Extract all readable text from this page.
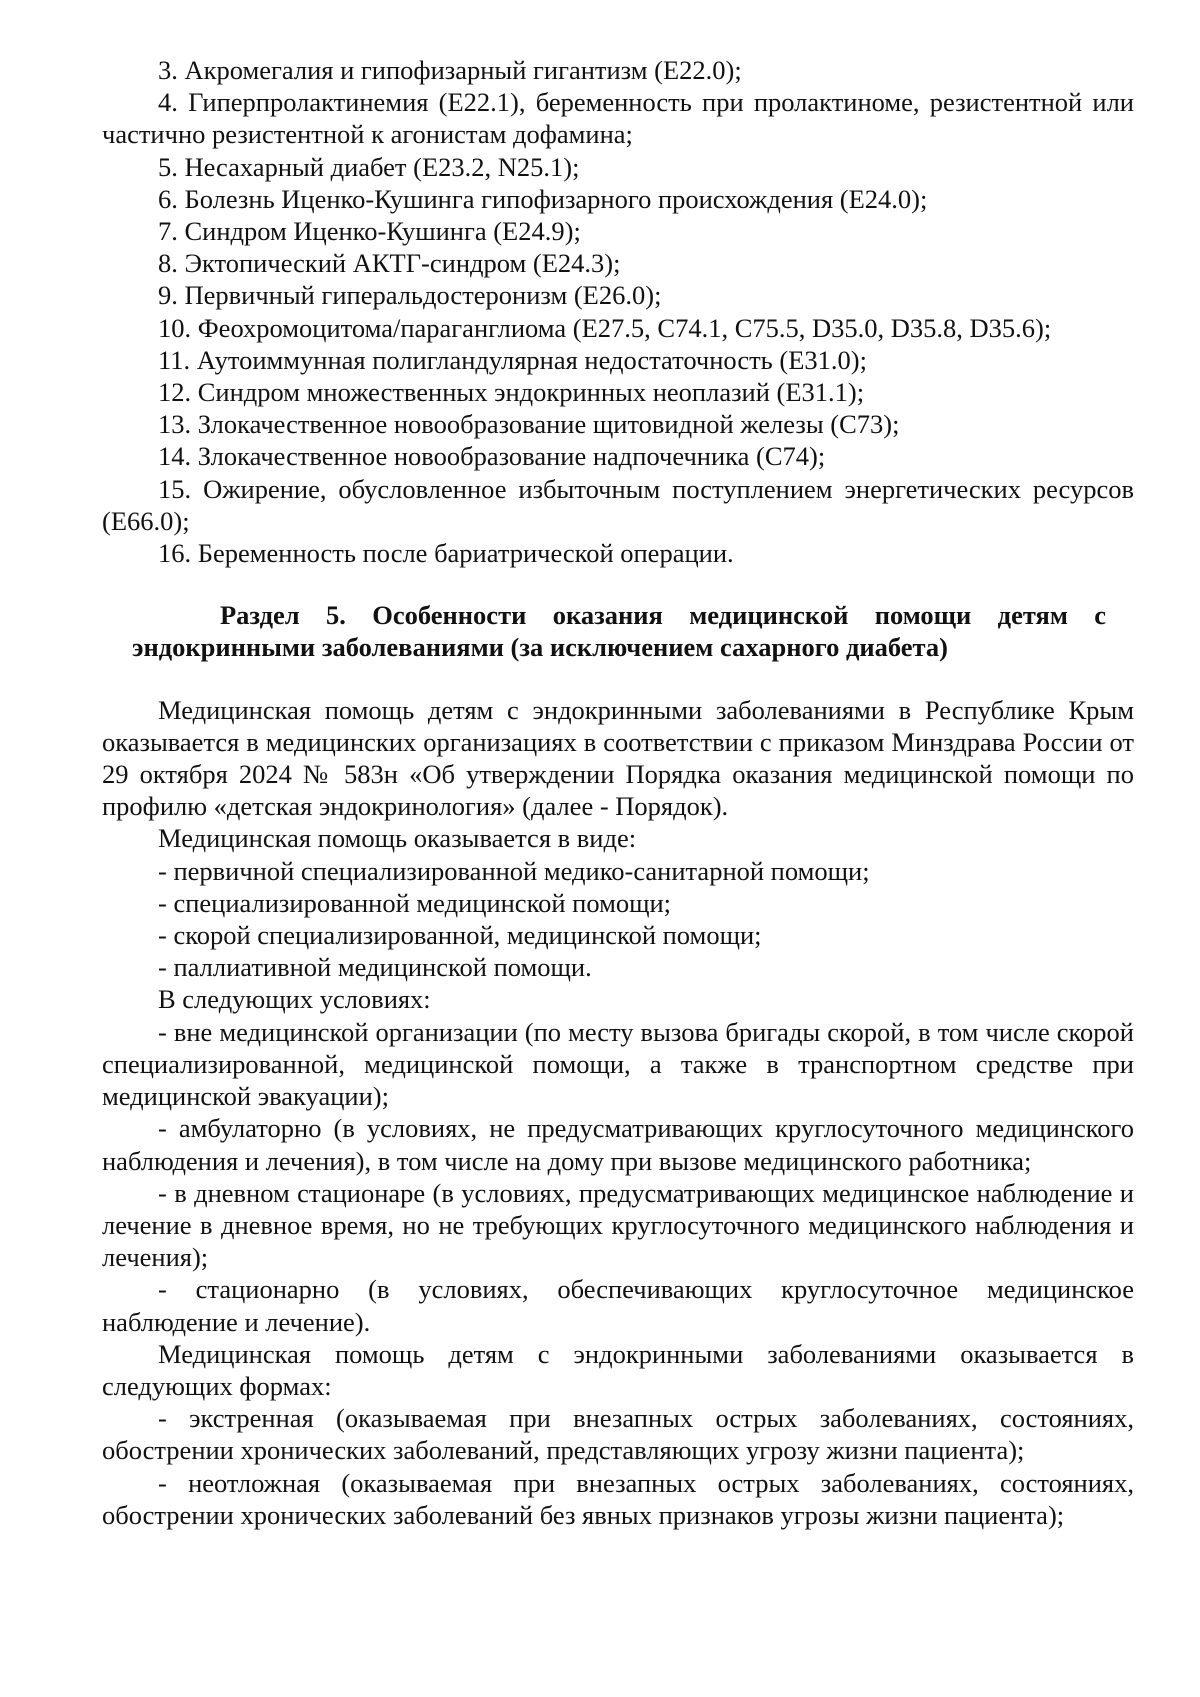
3. Акромегалия и гипофизарный гигантизм (E22.0);

4. Гиперпролактинемия (E22.1), беременность при пролактиноме, резистентной или частично резистентной к агонистам дофамина;

5. Несахарный диабет (E23.2, N25.1);

6. Болезнь Иценко-Кушинга гипофизарного происхождения (E24.0);

7. Синдром Иценко-Кушинга (E24.9);

8. Эктопический АКТГ-синдром (E24.3);

9. Первичный гиперальдостеронизм (E26.0);

10. Феохромоцитома/параганглиома (E27.5, С74.1, С75.5, D35.0, D35.8, D35.6);

11. Аутоиммунная полигландулярная недостаточность (E31.0);

12. Синдром множественных эндокринных неоплазий (E31.1);

13. Злокачественное новообразование щитовидной железы (С73);

14. Злокачественное новообразование надпочечника (С74);

15. Ожирение, обусловленное избыточным поступлением энергетических ресурсов (E66.0);

16. Беременность после бариатрической операции.

Раздел 5. Особенности оказания медицинской помощи детям с эндокринными заболеваниями (за исключением сахарного диабета)

Медицинская помощь детям с эндокринными заболеваниями в Республике Крым оказывается в медицинских организациях в соответствии с приказом Минздрава России от 29 октября 2024 № 583н «Об утверждении Порядка оказания медицинской помощи по профилю «детская эндокринология» (далее - Порядок).

Медицинская помощь оказывается в виде:

- первичной специализированной медико-санитарной помощи;

- специализированной медицинской помощи;

- скорой специализированной, медицинской помощи;

- паллиативной медицинской помощи.

В следующих условиях:

- вне медицинской организации (по месту вызова бригады скорой, в том числе скорой специализированной, медицинской помощи, а также в транспортном средстве при медицинской эвакуации);

- амбулаторно (в условиях, не предусматривающих круглосуточного медицинского наблюдения и лечения), в том числе на дому при вызове медицинского работника;

- в дневном стационаре (в условиях, предусматривающих медицинское наблюдение и лечение в дневное время, но не требующих круглосуточного медицинского наблюдения и лечения);

- стационарно (в условиях, обеспечивающих круглосуточное медицинское наблюдение и лечение).

Медицинская помощь детям с эндокринными заболеваниями оказывается в следующих формах:

- экстренная (оказываемая при внезапных острых заболеваниях, состояниях, обострении хронических заболеваний, представляющих угрозу жизни пациента);

- неотложная (оказываемая при внезапных острых заболеваниях, состояниях, обострении хронических заболеваний без явных признаков угрозы жизни пациента);
